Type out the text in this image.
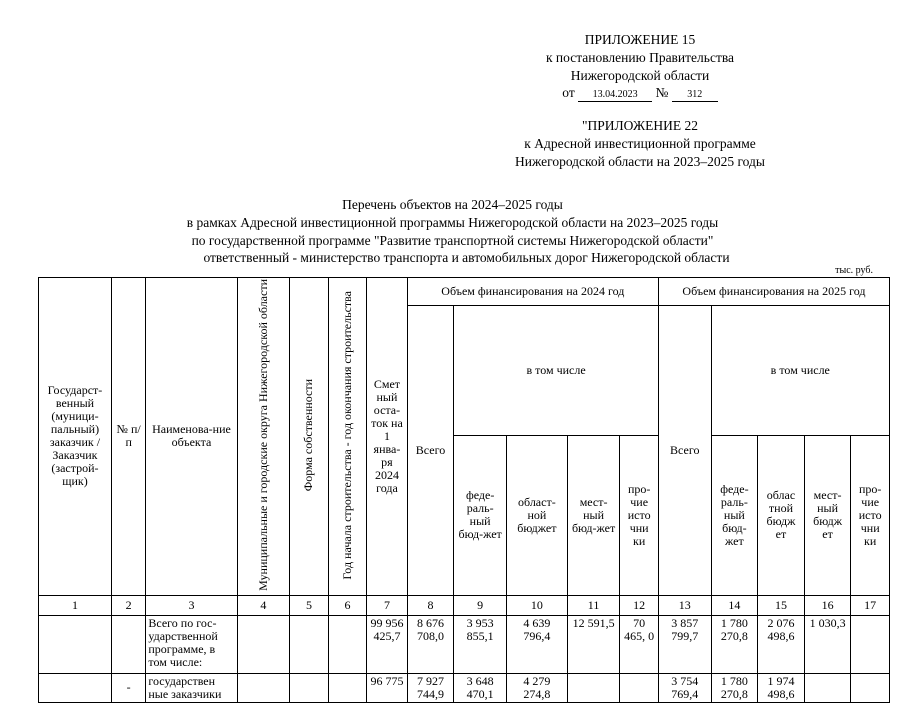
ПРИЛОЖЕНИЕ 15
к постановлению Правительства
Нижегородской области
от 13.04.2023 № 312
"ПРИЛОЖЕНИЕ 22
к Адресной инвестиционной программе
Нижегородской области на 2023–2025 годы
Перечень объектов на 2024–2025 годы
в рамках Адресной инвестиционной программы Нижегородской области на 2023–2025 годы
по государственной программе "Развитие транспортной системы Нижегородской области"
ответственный - министерство транспорта и автомобильных дорог Нижегородской области
тыс. руб.
Государст-венный (муници-пальный) заказчик / Заказчик (застрой-щик)	№ п/п	Наименова-ние объекта	Муниципальные и городские округа Нижегородской области	Форма собственности	Год начала строительства - год окончания строительства	Смет ный оста-ток на 1 янва-ря 2024 года	Объем финансирования на 2024 год					Объем финансирования на 2025 год				
							Всего	в том числе				Всего	в том числе			
								феде-раль-ный бюд-жет	област-ной бюджет	мест-ный бюд-жет	про-чие исто чни ки		феде-раль-ный бюд-жет	облас тной бюдж ет	мест-ный бюдж ет	про-чие исто чни ки
1	2	3	4	5	6	7	8	9	10	11	12	13	14	15	16	17
		Всего по гос-ударственной программе, в том числе:				99 956 425,7	8 676 708,0	3 953 855,1	4 639 796,4	12 591,5	70 465, 0	3 857 799,7	1 780 270,8	2 076 498,6	1 030,3	
	-	государствен ные заказчики				96 775	7 927 744,9	3 648 470,1	4 279 274,8			3 754 769,4	1 780 270,8	1 974 498,6		
